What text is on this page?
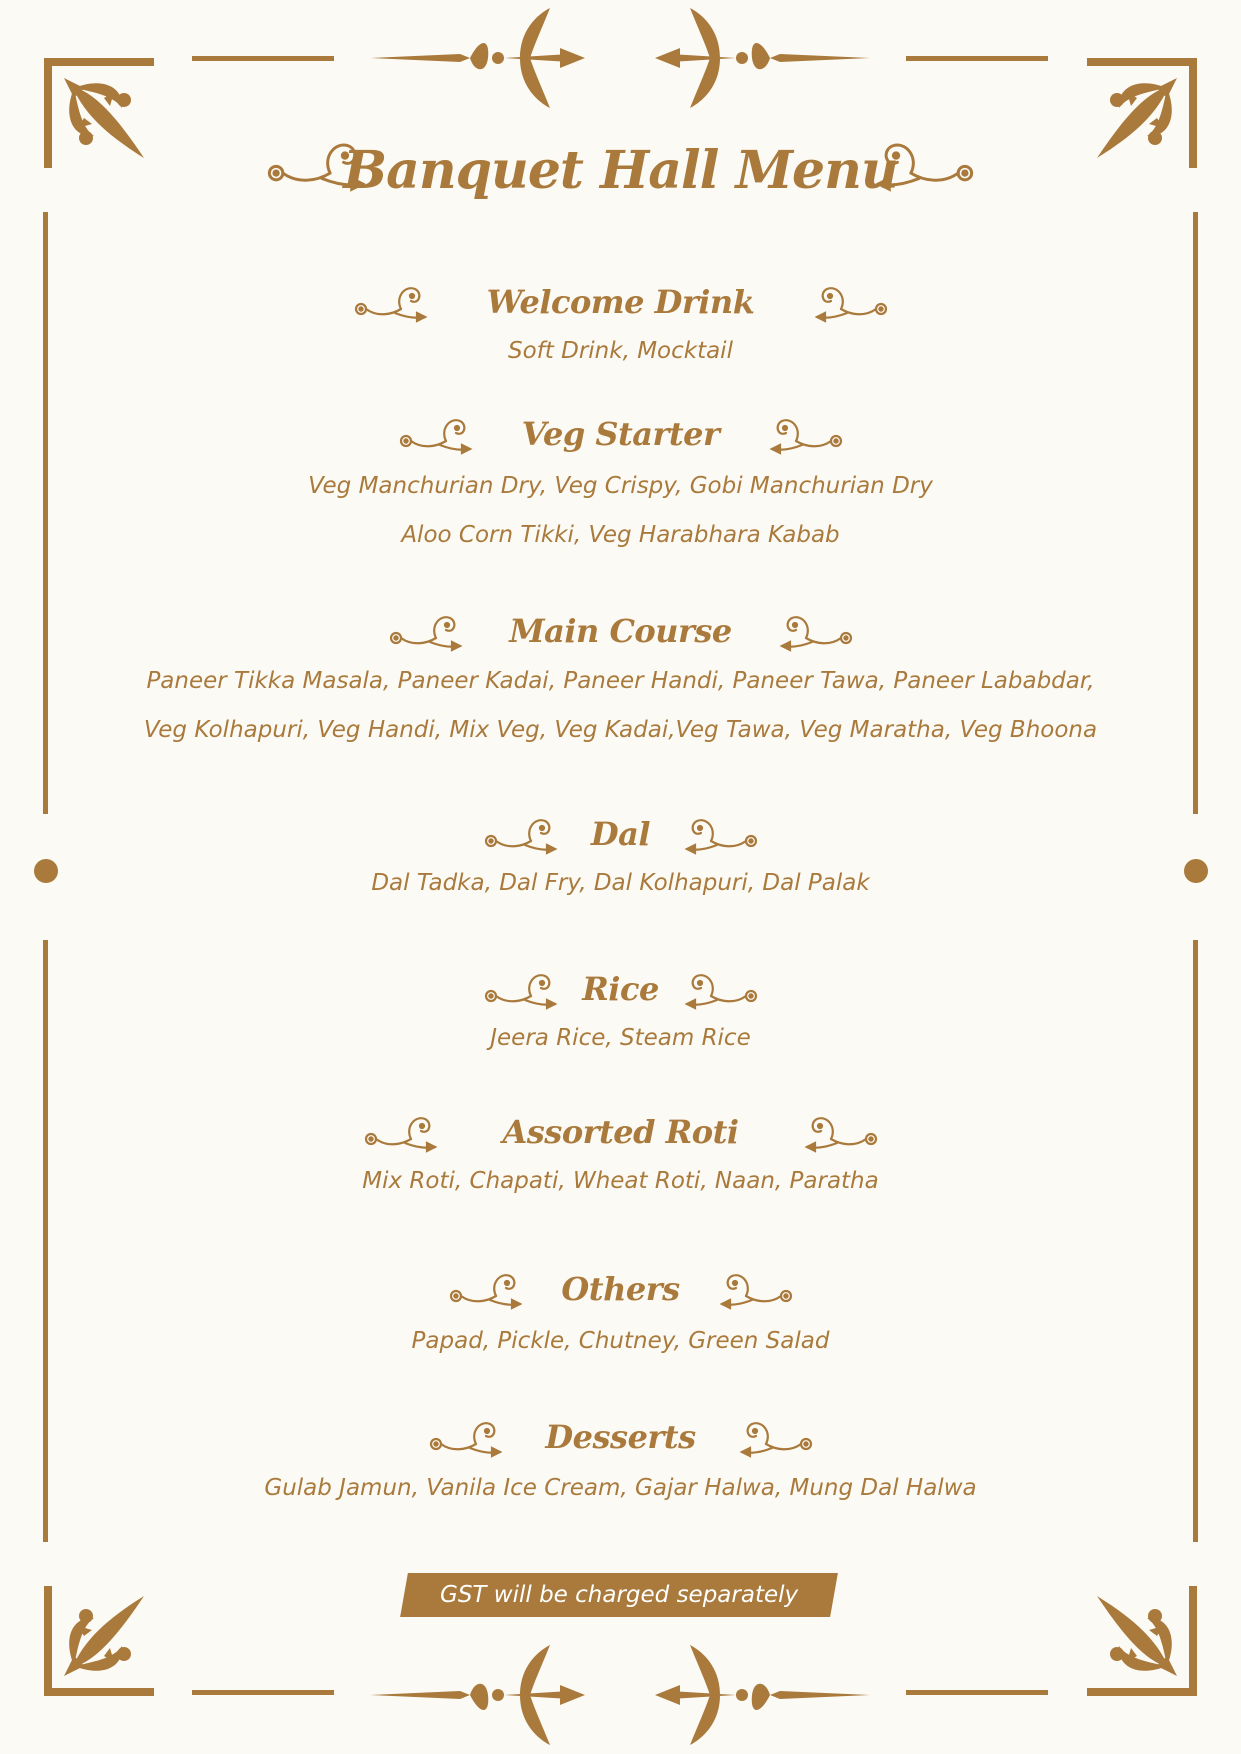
Banquet Hall Menu
Welcome Drink
Soft Drink, Mocktail
Veg Starter
Veg Manchurian Dry, Veg Crispy, Gobi Manchurian Dry
Aloo Corn Tikki, Veg Harabhara Kabab
Main Course
Paneer Tikka Masala, Paneer Kadai, Paneer Handi, Paneer Tawa, Paneer Lababdar,
Veg Kolhapuri, Veg Handi, Mix Veg, Veg Kadai,Veg Tawa, Veg Maratha, Veg Bhoona
Dal
Dal Tadka, Dal Fry, Dal Kolhapuri, Dal Palak
Rice
Jeera Rice, Steam Rice
Assorted Roti
Mix Roti, Chapati, Wheat Roti, Naan, Paratha
Others
Papad, Pickle, Chutney, Green Salad
Desserts
Gulab Jamun, Vanila Ice Cream, Gajar Halwa, Mung Dal Halwa
GST will be charged separately
